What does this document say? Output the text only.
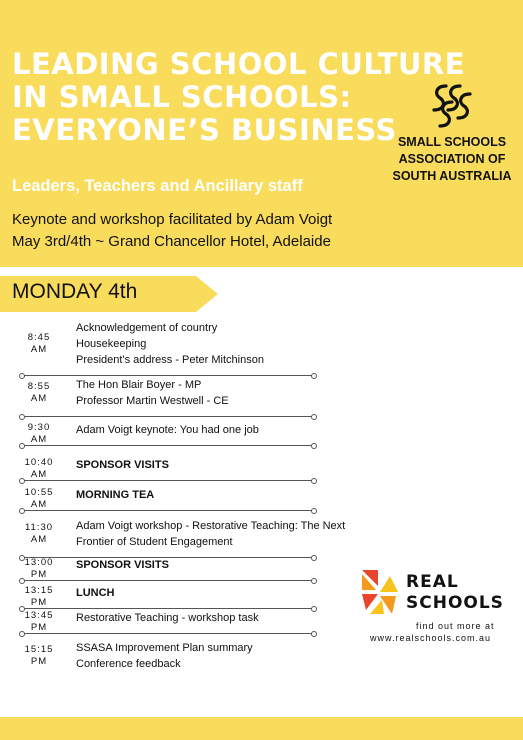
LEADING SCHOOL CULTURE
IN SMALL SCHOOLS:
EVERYONE’S BUSINESS
Leaders, Teachers and Ancillary staff
Keynote and workshop facilitated by Adam Voigt
May 3rd/4th ~ Grand Chancellor Hotel, Adelaide
SMALL SCHOOLS
ASSOCIATION OF
SOUTH AUSTRALIA
MONDAY 4th
8:45
AM
Acknowledgement of country
Housekeeping
President's address - Peter Mitchinson
8:55
AM
The Hon Blair Boyer - MP
Professor Martin Westwell - CE
9:30
AM
Adam Voigt keynote: You had one job
10:40
AM
SPONSOR VISITS
10:55
AM
MORNING TEA
11:30
AM
Adam Voigt workshop - Restorative Teaching: The Next
Frontier of Student Engagement
13:00
PM
SPONSOR VISITS
13:15
PM
LUNCH
13:45
PM
Restorative Teaching - workshop task
15:15
PM
SSASA Improvement Plan summary
Conference feedback
REAL
SCHOOLS
find out more at
www.realschools.com.au
